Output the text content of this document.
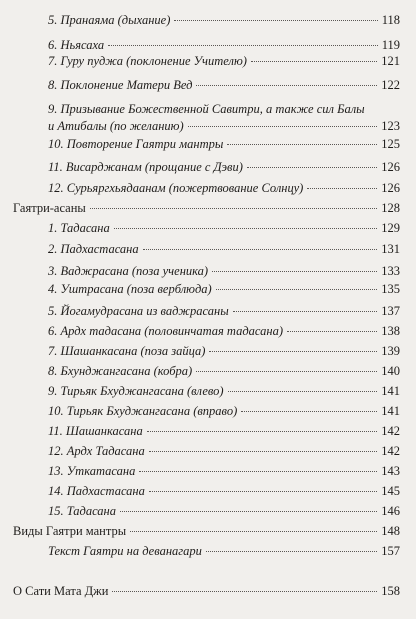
5. Пранаяма (дыхание)	118
6. Ньясаха	119
7. Гуру пуджа (поклонение Учителю)	121
8. Поклонение Матери Вед	122
9. Призывание Божественной Савитри, а также сил Балы
и Атибалы (по желанию)	123
10. Повторение Гаятри мантры	125
11. Висарджанам (прощание с Дэви)	126
12. Сурьяргхьядаанам (пожертвование Солнцу)	126
Гаятри-асаны	128
1. Тадасана	129
2. Падхастасана	131
3. Ваджрасана (поза ученика)	133
4. Уштрасана (поза верблюда)	135
5. Йогамудрасана из ваджрасаны	137
6. Ардх тадасана (половинчатая тадасана)	138
7. Шашанкасана (поза зайца)	139
8. Бхунджангасана (кобра)	140
9. Тирьяк Бхуджангасана (влево)	141
10. Тирьяк Бхуджангасана (вправо)	141
11. Шашанкасана	142
12. Ардх Тадасана	142
13. Уткатасана	143
14. Падхастасана	145
15. Тадасана	146
Виды Гаятри мантры	148
Текст Гаятри на деванагари	157
О Сати Мата Джи	158
